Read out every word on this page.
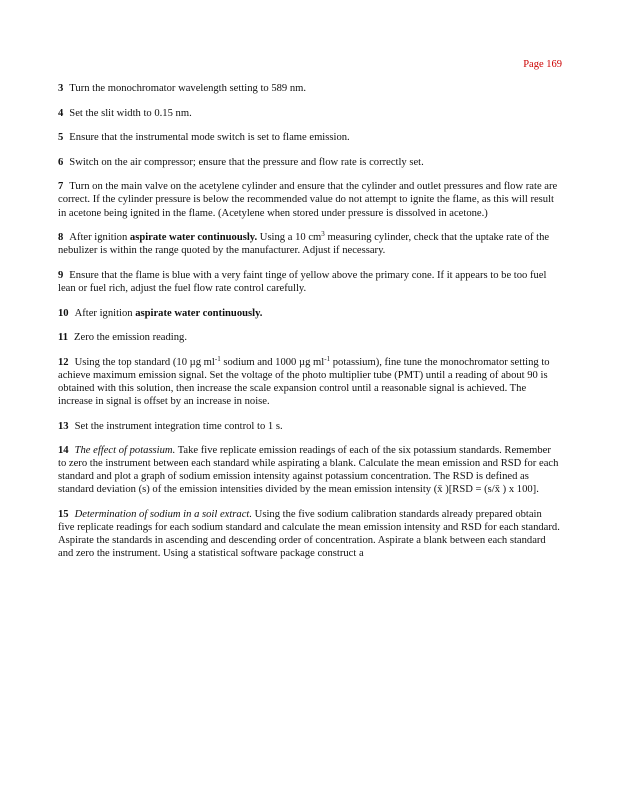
Page 169

3 Turn the monochromator wavelength setting to 589 nm.

4 Set the slit width to 0.15 nm.

5 Ensure that the instrumental mode switch is set to flame emission.

6 Switch on the air compressor; ensure that the pressure and flow rate is correctly set.

7 Turn on the main valve on the acetylene cylinder and ensure that the cylinder and outlet pressures and flow rate are correct. If the cylinder pressure is below the recommended value do not attempt to ignite the flame, as this will result in acetone being ignited in the flame. (Acetylene when stored under pressure is dissolved in acetone.)

8 After ignition aspirate water continuously. Using a 10 $cm^3$ measuring cylinder, check that the uptake rate of the nebulizer is within the range quoted by the manufacturer. Adjust if necessary.

9 Ensure that the flame is blue with a very faint tinge of yellow above the primary cone. If it appears to be too fuel lean or fuel rich, adjust the fuel flow rate control carefully.

10 After ignition aspirate water continuously.

11 Zero the emission reading.

12 Using the top standard (10 µg $ml^{-1}$ sodium and 1000 µg $ml^{-1}$ potassium), fine tune the monochromator setting to achieve maximum emission signal. Set the voltage of the photo multiplier tube (PMT) until a reading of about 90 is obtained with this solution, then increase the scale expansion control until a reasonable signal is achieved. The increase in signal is offset by an increase in noise.

13 Set the instrument integration time control to 1 s.

14 The effect of potassium. Take five replicate emission readings of each of the six potassium standards. Remember to zero the instrument between each standard while aspirating a blank. Calculate the mean emission and RSD for each standard and plot a graph of sodium emission intensity against potassium concentration. The RSD is defined as standard deviation (s) of the emission intensities divided by the mean emission intensity (x̄ )[RSD = (s/x̄ ) x 100].

15 Determination of sodium in a soil extract. Using the five sodium calibration standards already prepared obtain five replicate readings for each sodium standard and calculate the mean emission intensity and RSD for each standard. Aspirate the standards in ascending and descending order of concentration. Aspirate a blank between each standard and zero the instrument. Using a statistical software package construct a
